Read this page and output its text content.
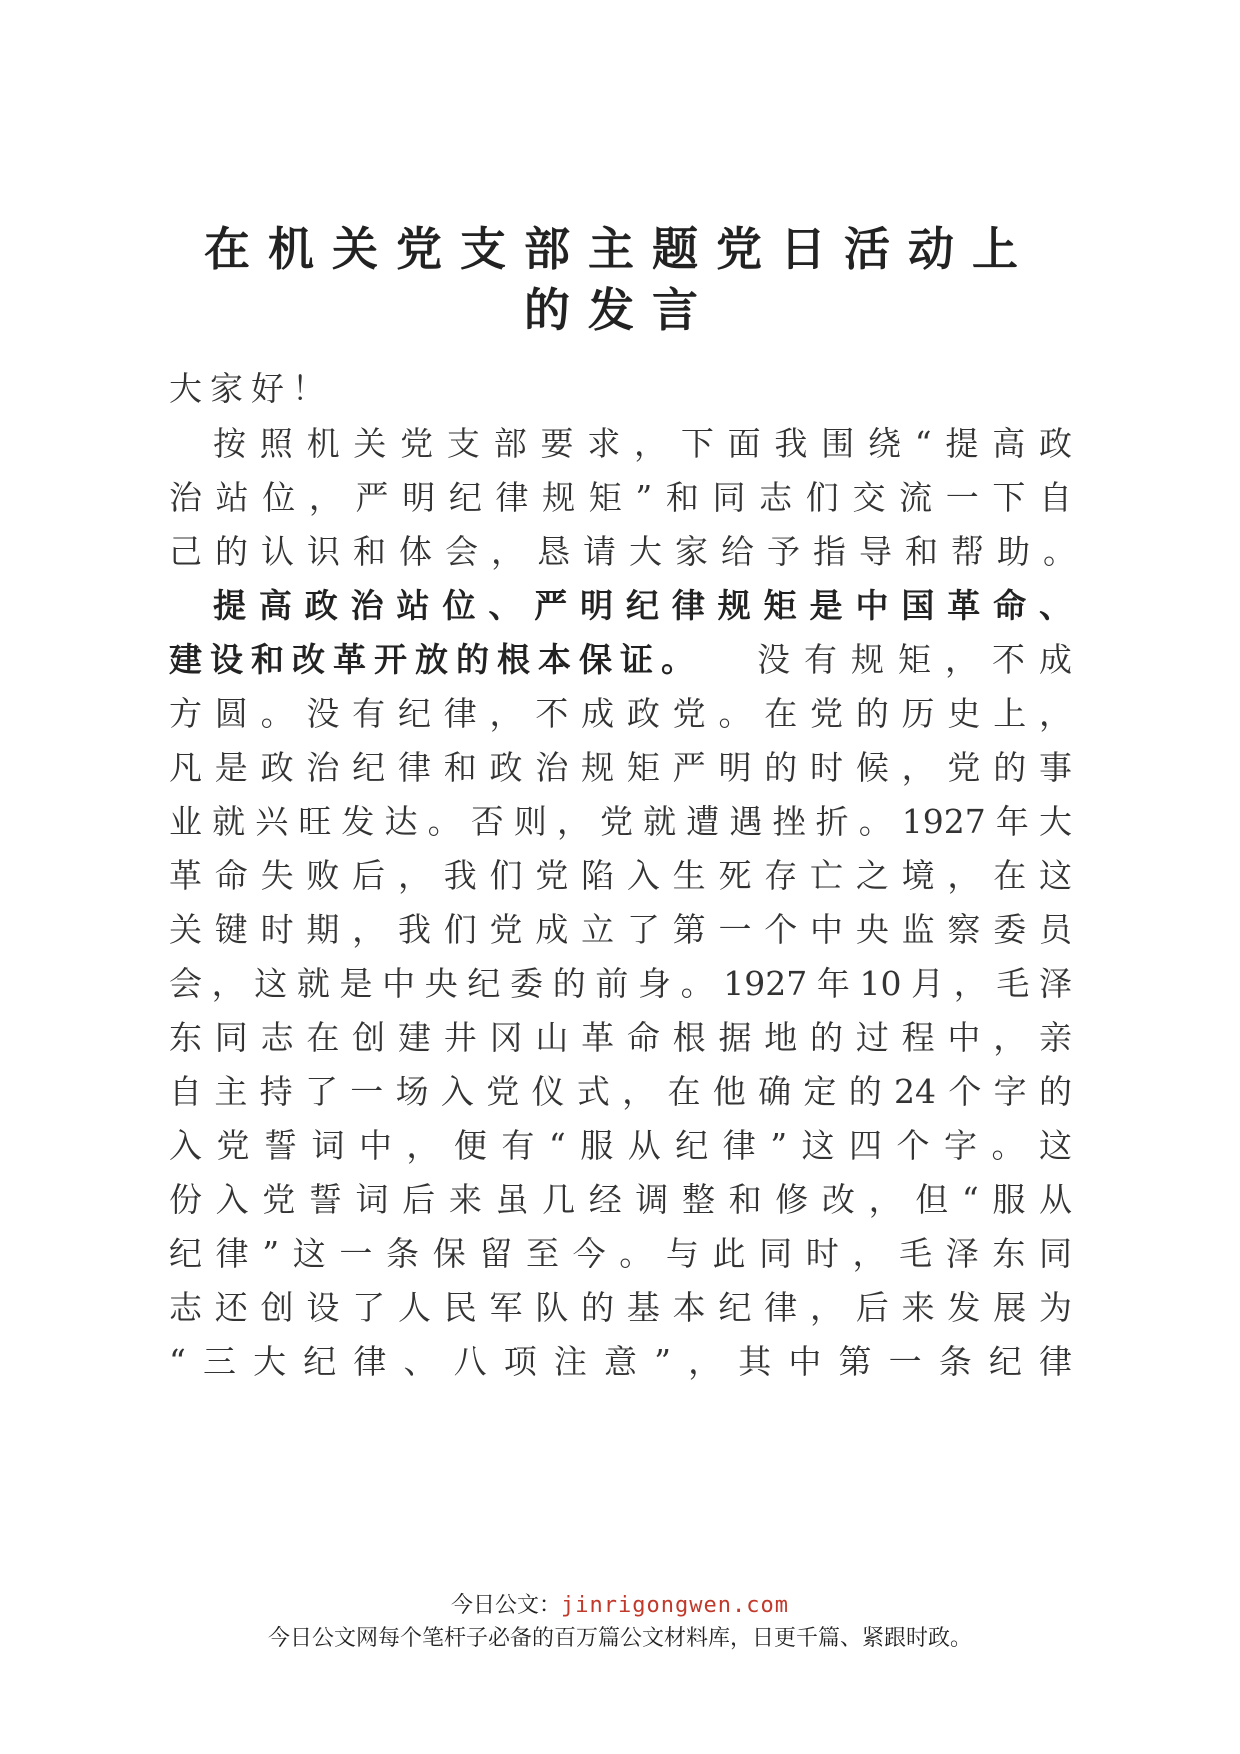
在机关党支部主题党日活动上
的发言
大家好！
按照机关党支部要求，下面我围绕“提高政
治站位，严明纪律规矩”和同志们交流一下自
己的认识和体会，恳请大家给予指导和帮助。
提高政治站位、严明纪律规矩是中国革命、
建设和改革开放的根本保证。 没有规矩，不成
方圆。没有纪律，不成政党。在党的历史上，
凡是政治纪律和政治规矩严明的时候，党的事
业就兴旺发达。否则，党就遭遇挫折。1927年大
革命失败后，我们党陷入生死存亡之境，在这
关键时期，我们党成立了第一个中央监察委员
会，这就是中央纪委的前身。1927年10月，毛泽
东同志在创建井冈山革命根据地的过程中，亲
自主持了一场入党仪式，在他确定的24个字的
入党誓词中，便有“服从纪律”这四个字。这
份入党誓词后来虽几经调整和修改，但“服从
纪律”这一条保留至今。与此同时，毛泽东同
志还创设了人民军队的基本纪律，后来发展为
“三大纪律、八项注意”，其中第一条纪律
今日公文：jinrigongwen.com
今日公文网每个笔杆子必备的百万篇公文材料库，日更千篇、紧跟时政。
